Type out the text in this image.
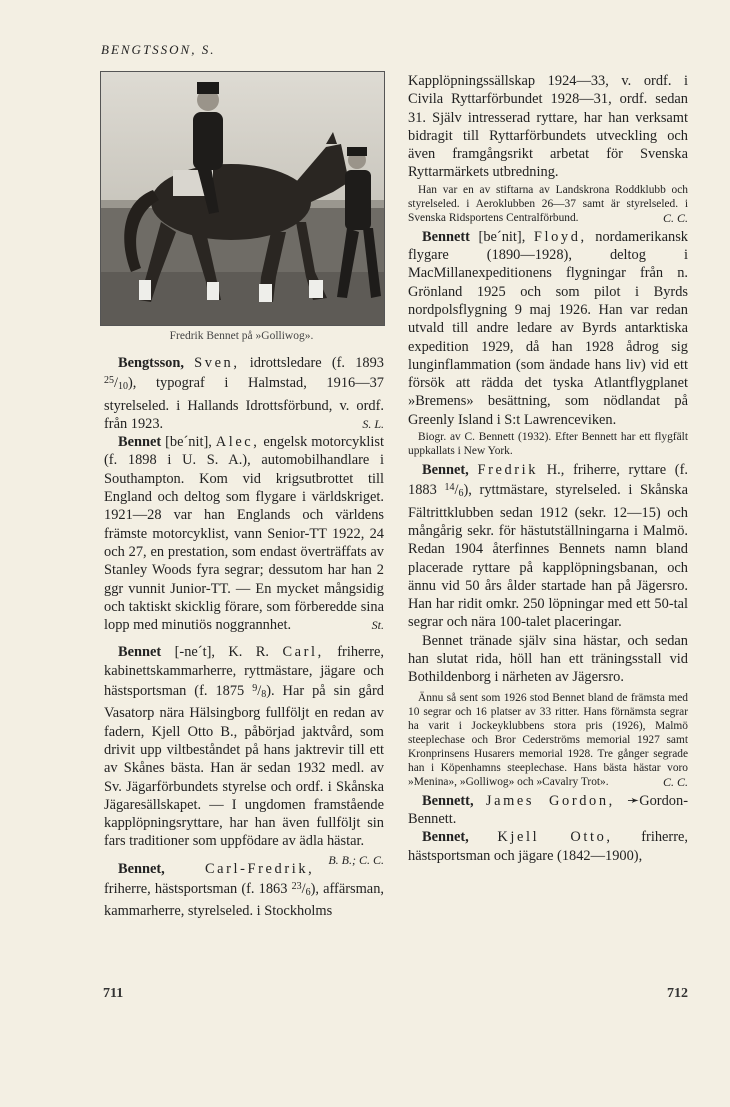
BENGTSSON, S.
Fredrik Bennet på »Golliwog».

Bengtsson, Sven, idrottsledare (f. 1893 $^{25}$/10), typograf i Halmstad, 1916—37 styrelseled. i Hallands Idrottsförbund, v. ordf. från 1923.	S. L.

Bennet [be´nit], Alec, engelsk motorcyklist (f. 1898 i U. S. A.), automobilhandlare i Southampton. Kom vid krigsutbrottet till England och deltog som flygare i världskriget. 1921—28 var han Englands och världens främste motorcyklist, vann Senior-TT 1922, 24 och 27, en prestation, som endast överträffats av Stanley Woods fyra segrar; dessutom har han 2 ggr vunnit Junior-TT. — En mycket mångsidig och taktiskt skicklig förare, som förberedde sina lopp med minutiös noggrannhet.	St.

Bennet [-ne´t], K. R. Carl, friherre, kabinettskammarherre, ryttmästare, jägare och hästsportsman (f. 1875 $^9$/8). Har på sin gård Vasatorp nära Hälsingborg fullföljt en redan av fadern, Kjell Otto B., påbörjad jaktvård, som drivit upp viltbeståndet på hans jaktrevir till ett av Skånes bästa. Han är sedan 1932 medl. av Sv. Jägarförbundets styrelse och ordf. i Skånska Jägaresällskapet. — I ungdomen framstående kapplöpningsryttare, har han även fullföljt sin fars traditioner som uppfödare av ädla hästar.
B. B.; C. C.

Bennet,	Carl-Fredrik, friherre, hästsportsman (f. 1863 $^{23}$/6), affärsman, kammarherre, styrelseled. i Stockholms

Kapplöpningssällskap 1924—33, v. ordf. i Civila Ryttarförbundet 1928—31, ordf. sedan 31. Själv intresserad ryttare, har han verksamt bidragit till Ryttarförbundets utveckling och även framgångsrikt arbetat för Svenska Ryttarmärkets utbredning.

Han var en av stiftarna av Landskrona Roddklubb och styrelseled. i Aeroklubben 26—37 samt är styrelseled. i Svenska Ridsportens Centralförbund.	C. C.

Bennett [be´nit], Floyd, nordamerikansk flygare (1890—1928), deltog i MacMillanexpeditionens flygningar från n. Grönland 1925 och som pilot i Byrds nordpolsflygning 9 maj 1926. Han var redan utvald till andre ledare av Byrds antarktiska expedition 1929, då han 1928 ådrog sig lunginflammation (som ändade hans liv) vid ett försök att rädda det tyska Atlantflygplanet »Bremens» besättning, som nödlandat på Greenly Island i S:t Lawrenceviken.

Biogr. av C. Bennett (1932). Efter Bennett har ett flygfält uppkallats i New York.

Bennet, Fredrik H., friherre, ryttare (f. 1883 $^{14}$/6), ryttmästare, styrelseled. i Skånska Fältrittklubben sedan 1912 (sekr. 12—15) och mångårig sekr. för hästutställningarna i Malmö. Redan 1904 återfinnes Bennets namn bland placerade ryttare på kapplöpningsbanan, och ännu vid 50 års ålder startade han på Jägersro. Han har ridit omkr. 250 löpningar med ett 50-tal segrar och nära 100-talet placeringar.

Bennet tränade själv sina hästar, och sedan han slutat rida, höll han ett träningsstall vid Bothildenborg i närheten av Jägersro.

Ännu så sent som 1926 stod Bennet bland de främsta med 10 segrar och 16 platser av 33 ritter. Hans förnämsta segrar ha varit i Jockeyklubbens stora pris (1926), Malmö steeplechase och Bror Cederströms memorial 1927 samt Kronprinsens Husarers memorial 1928. Tre gånger segrade han i Köpenhamns steeplechase. Hans bästa hästar voro »Menina», »Golliwog» och »Cavalry Trot».	C. C.

Bennett, James Gordon, ➛Gordon-Bennett.

Bennet, Kjell Otto, friherre, hästsportsman och jägare (1842—1900),

711	712
